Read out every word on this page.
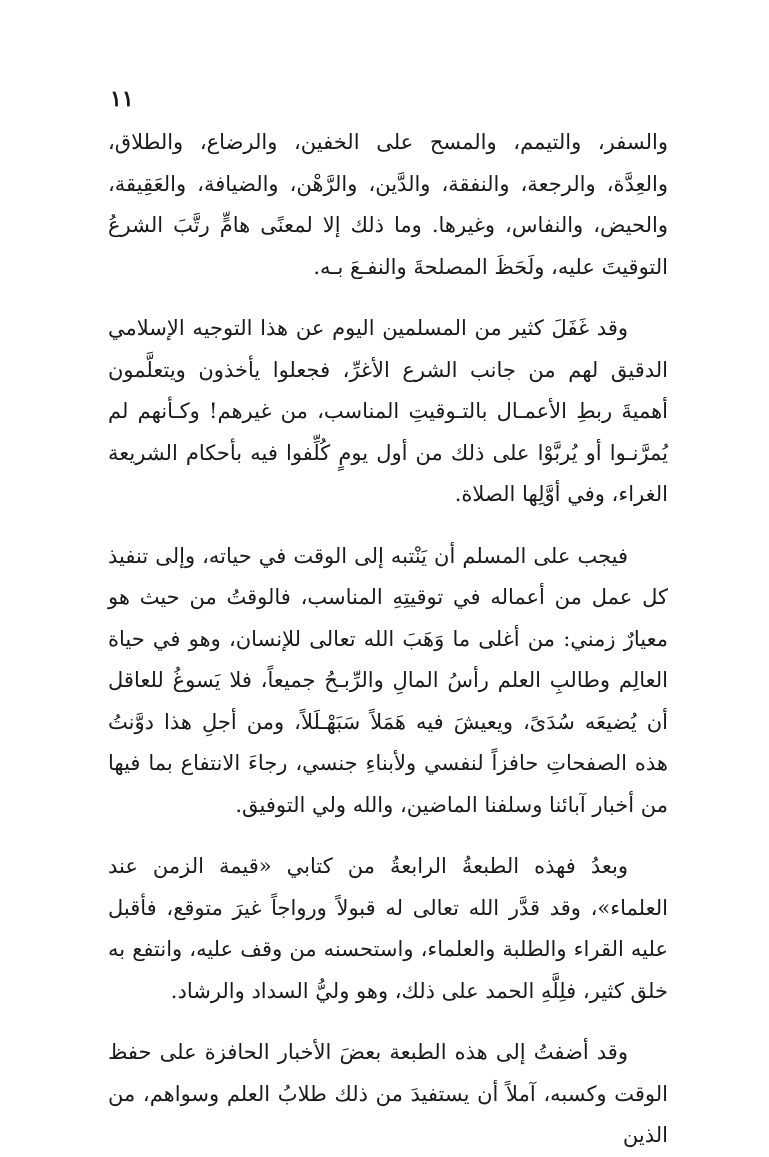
١١

والسفر، والتيمم، والمسح على الخفين، والرضاع، والطلاق، والعِدَّة، والرجعة، والنفقة، والدَّين، والرَّهْن، والضيافة، والعَقِيقة، والحيض، والنفاس، وغيرها. وما ذلك إلا لمعنًى هامٍّ رتَّبَ الشرعُ التوقيتَ عليه، ولَحَظَ المصلحةَ والنفـعَ بـه.

وقد غَفَلَ كثير من المسلمين اليوم عن هذا التوجيه الإسلامي الدقيق لهم من جانب الشرع الأغرِّ، فجعلوا يأخذون ويتعلَّمون أهميةَ ربطِ الأعمـال بالتـوقيتِ المناسب، من غيرهم! وكـأنهم لم يُمرَّنـوا أو يُربَّوْا على ذلك من أول يومٍ كُلِّفوا فيه بأحكام الشريعة الغراء، وفي أوَّلِها الصلاة.

فيجب على المسلم أن يَنْتبه إلى الوقت في حياته، وإلى تنفيذ كل عمل من أعماله في توقيتِهِ المناسب، فالوقتُ من حيث هو معيارٌ زمني: من أغلى ما وَهَبَ الله تعالى للإنسان، وهو في حياة العالِم وطالبِ العلم رأسُ المالِ والرِّبـحُ جميعاً، فلا يَسوغُ للعاقل أن يُضيعَه سُدَىً، ويعيشَ فيه هَمَلاً سَبَهْـلَلاً، ومن أجلِ هذا دوَّنتُ هذه الصفحاتِ حافزاً لنفسي ولأبناءِ جنسي، رجاءَ الانتفاع بما فيها من أخبار آبائنا وسلفنا الماضين، والله ولي التوفيق.

وبعدُ فهذه الطبعةُ الرابعةُ من كتابي «قيمة الزمن عند العلماء»، وقد قدَّر الله تعالى له قبولاً ورواجاً غيرَ متوقع، فأقبل عليه القراء والطلبة والعلماء، واستحسنه من وقف عليه، وانتفع به خلق كثير، فلِلَّهِ الحمد على ذلك، وهو وليُّ السداد والرشاد.

وقد أضفتُ إلى هذه الطبعة بعضَ الأخبار الحافزة على حفظ الوقت وكسبه، آملاً أن يستفيدَ من ذلك طلابُ العلم وسواهم، من الذين
